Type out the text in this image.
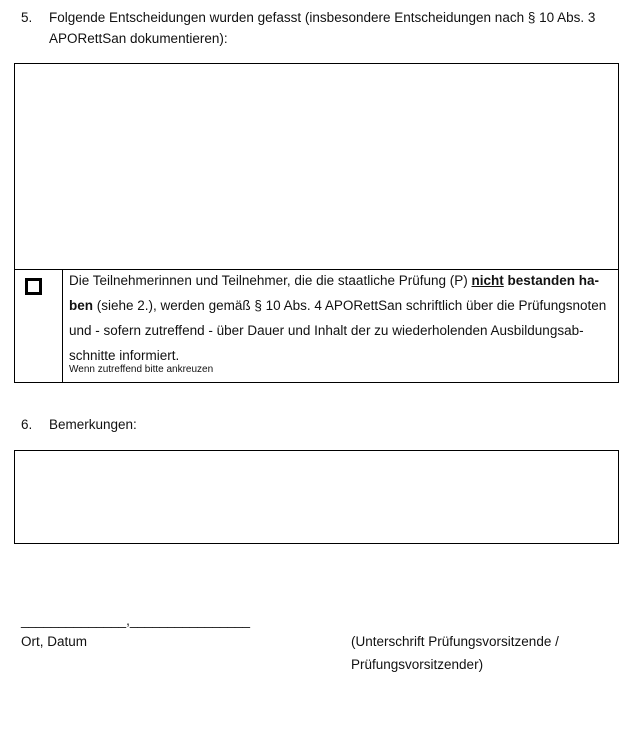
5. Folgende Entscheidungen wurden gefasst (insbesondere Entscheidungen nach § 10 Abs. 3
APORettSan dokumentieren):
Die Teilnehmerinnen und Teilnehmer, die die staatliche Prüfung (P) nicht bestanden ha-
ben (siehe 2.), werden gemäß § 10 Abs. 4 APORettSan schriftlich über die Prüfungsnoten
und - sofern zutreffend - über Dauer und Inhalt der zu wiederholenden Ausbildungsab-
schnitte informiert.
Wenn zutreffend bitte ankreuzen
6. Bemerkungen:
______________,________________
Ort, Datum	(Unterschrift Prüfungsvorsitzende /
Prüfungsvorsitzender)
